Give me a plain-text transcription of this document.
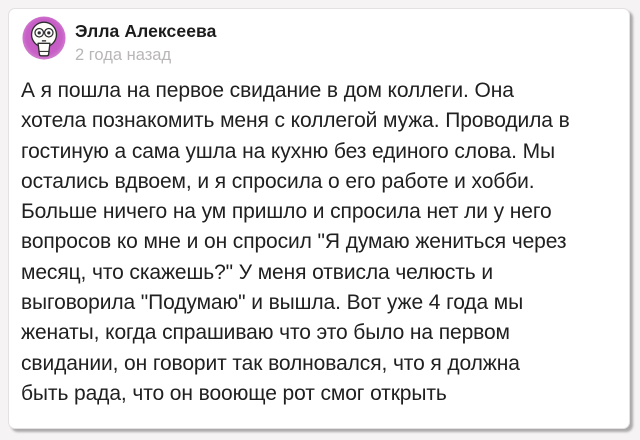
Элла Алексеева
2 года назад
А я пошла на первое свидание в дом коллеги. Она
хотела познакомить меня с коллегой мужа. Проводила в
гостиную а сама ушла на кухню без единого слова. Мы
остались вдвоем, и я спросила о его работе и хобби.
Больше ничего на ум пришло и спросила нет ли у него
вопросов ко мне и он спросил "Я думаю жениться через
месяц, что скажешь?" У меня отвисла челюсть и
выговорила "Подумаю" и вышла. Вот уже 4 года мы
женаты, когда спрашиваю что это было на первом
свидании, он говорит так волновался, что я должна
быть рада, что он вооюще рот смог открыть
